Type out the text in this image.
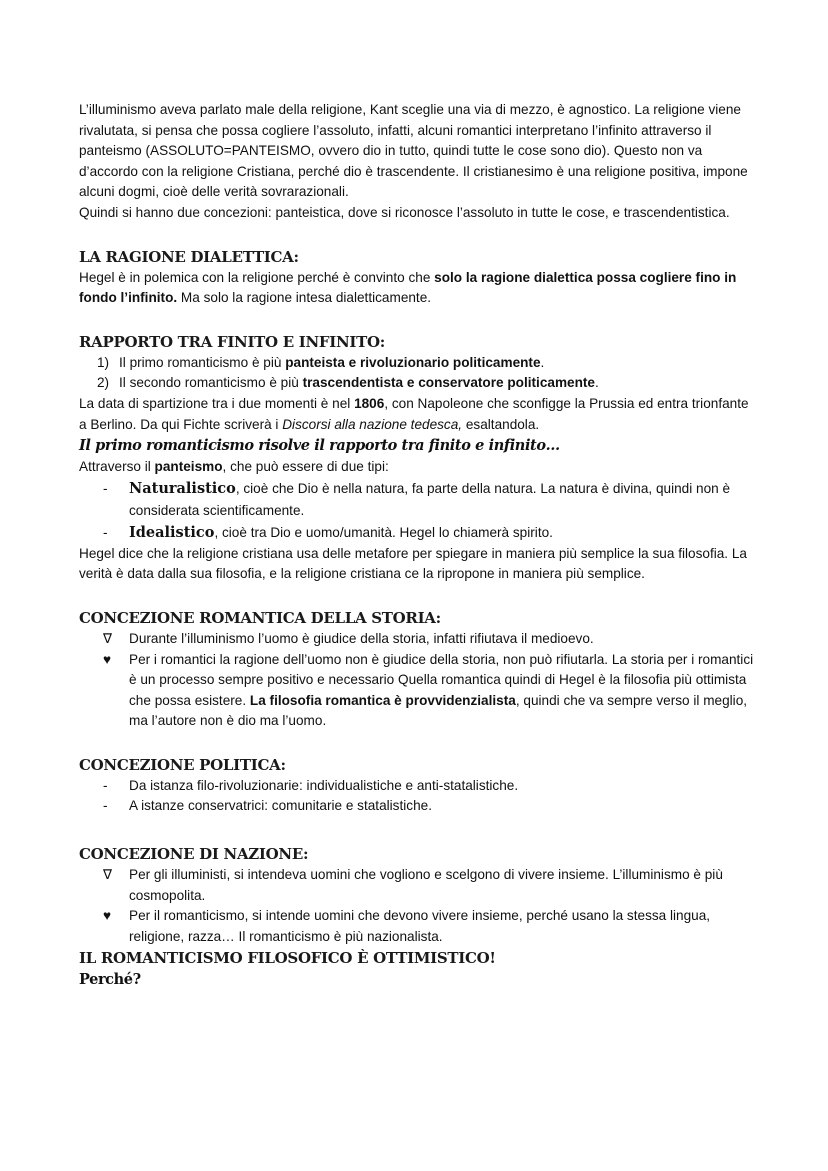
L’illuminismo aveva parlato male della religione, Kant sceglie una via di mezzo, è agnostico. La religione viene rivalutata, si pensa che possa cogliere l’assoluto, infatti, alcuni romantici interpretano l’infinito attraverso il panteismo (ASSOLUTO=PANTEISMO, ovvero dio in tutto, quindi tutte le cose sono dio). Questo non va d’accordo con la religione Cristiana, perché dio è trascendente. Il cristianesimo è una religione positiva, impone alcuni dogmi, cioè delle verità sovrarazionali.

Quindi si hanno due concezioni: panteistica, dove si riconosce l’assoluto in tutte le cose, e trascendentistica.

LA RAGIONE DIALETTICA:

Hegel è in polemica con la religione perché è convinto che solo la ragione dialettica possa cogliere fino in fondo l’infinito. Ma solo la ragione intesa dialetticamente.

RAPPORTO TRA FINITO E INFINITO:
1) Il primo romanticismo è più panteista e rivoluzionario politicamente.
2) Il secondo romanticismo è più trascendentista e conservatore politicamente.

La data di spartizione tra i due momenti è nel 1806, con Napoleone che sconfigge la Prussia ed entra trionfante a Berlino. Da qui Fichte scriverà i Discorsi alla nazione tedesca, esaltandola.

Il primo romanticismo risolve il rapporto tra finito e infinito…

Attraverso il panteismo, che può essere di due tipi:

- Naturalistico, cioè che Dio è nella natura, fa parte della natura. La natura è divina, quindi non è considerata scientificamente.
- Idealistico, cioè tra Dio e uomo/umanità. Hegel lo chiamerà spirito.

Hegel dice che la religione cristiana usa delle metafore per spiegare in maniera più semplice la sua filosofia. La verità è data dalla sua filosofia, e la religione cristiana ce la ripropone in maniera più semplice.

CONCEZIONE ROMANTICA DELLA STORIA:
∇ Durante l’illuminismo l’uomo è giudice della storia, infatti rifiutava il medioevo.
♥ Per i romantici la ragione dell’uomo non è giudice della storia, non può rifiutarla. La storia per i romantici è un processo sempre positivo e necessario Quella romantica quindi di Hegel è la filosofia più ottimista che possa esistere. La filosofia romantica è provvidenzialista, quindi che va sempre verso il meglio, ma l’autore non è dio ma l’uomo.
CONCEZIONE POLITICA:
- Da istanza filo-rivoluzionarie: individualistiche e anti-statalistiche.
- A istanze conservatrici: comunitarie e statalistiche.
CONCEZIONE DI NAZIONE:
∇ Per gli illuministi, si intendeva uomini che vogliono e scelgono di vivere insieme. L’illuminismo è più cosmopolita.
♥ Per il romanticismo, si intende uomini che devono vivere insieme, perché usano la stessa lingua, religione, razza… Il romanticismo è più nazionalista.
IL ROMANTICISMO FILOSOFICO È OTTIMISTICO!
Perché?
